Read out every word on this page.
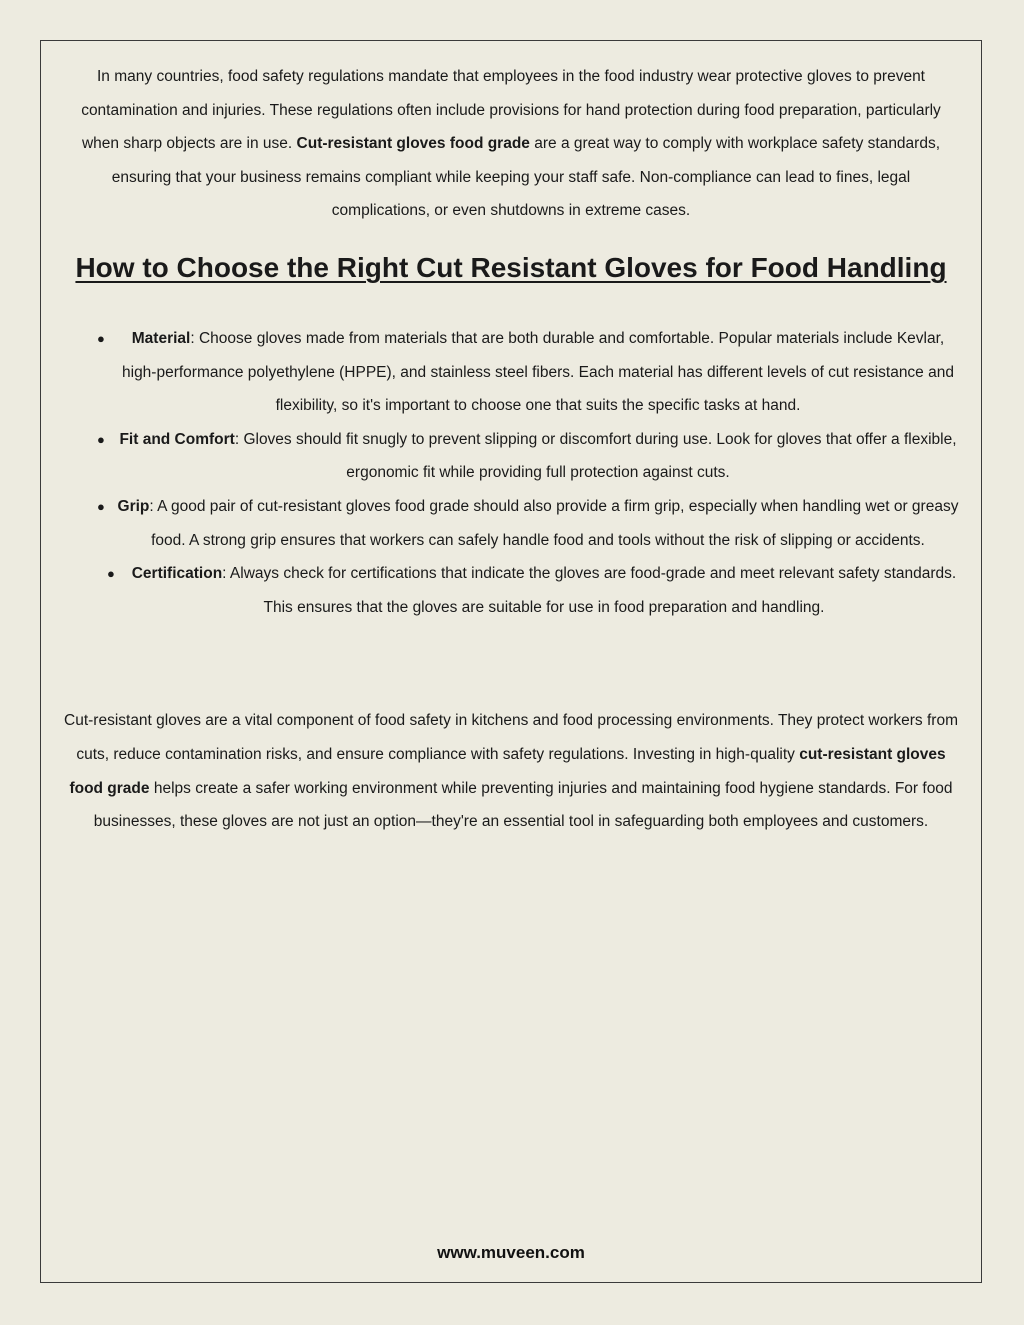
In many countries, food safety regulations mandate that employees in the food industry wear protective gloves to prevent contamination and injuries. These regulations often include provisions for hand protection during food preparation, particularly when sharp objects are in use. Cut-resistant gloves food grade are a great way to comply with workplace safety standards, ensuring that your business remains compliant while keeping your staff safe. Non-compliance can lead to fines, legal complications, or even shutdowns in extreme cases.

How to Choose the Right Cut Resistant Gloves for Food Handling
● Material: Choose gloves made from materials that are both durable and comfortable. Popular materials include Kevlar, high-performance polyethylene (HPPE), and stainless steel fibers. Each material has different levels of cut resistance and flexibility, so it's important to choose one that suits the specific tasks at hand.
● Fit and Comfort: Gloves should fit snugly to prevent slipping or discomfort during use. Look for gloves that offer a flexible, ergonomic fit while providing full protection against cuts.
● Grip: A good pair of cut-resistant gloves food grade should also provide a firm grip, especially when handling wet or greasy food. A strong grip ensures that workers can safely handle food and tools without the risk of slipping or accidents.
● Certification: Always check for certifications that indicate the gloves are food-grade and meet relevant safety standards. This ensures that the gloves are suitable for use in food preparation and handling.

Cut-resistant gloves are a vital component of food safety in kitchens and food processing environments. They protect workers from cuts, reduce contamination risks, and ensure compliance with safety regulations. Investing in high-quality cut-resistant gloves food grade helps create a safer working environment while preventing injuries and maintaining food hygiene standards. For food businesses, these gloves are not just an option—they're an essential tool in safeguarding both employees and customers.

www.muveen.com
